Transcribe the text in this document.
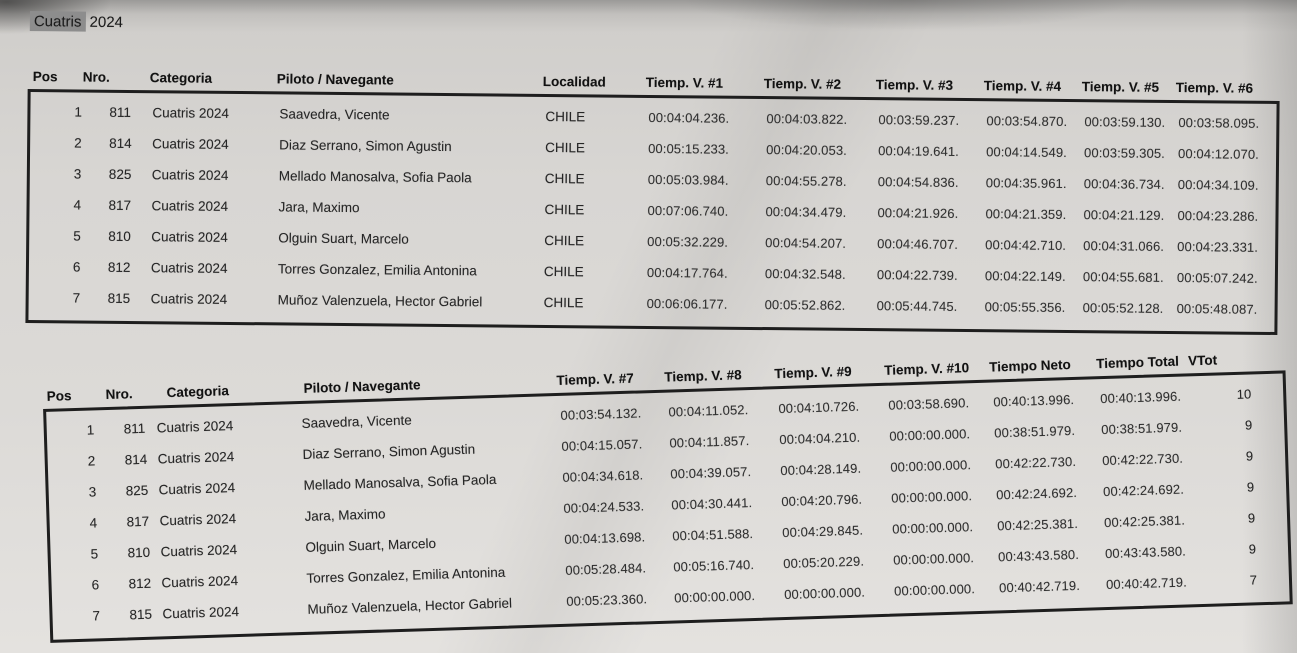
Cuatris 2024
Pos	Nro.	Categoria	Piloto / Navegante	Localidad	Tiemp. V. #1	Tiemp. V. #2	Tiemp. V. #3	Tiemp. V. #4	Tiemp. V. #5	Tiemp. V. #6
1	811	Cuatris 2024	Saavedra, Vicente	CHILE	00:04:04.236.	00:04:03.822.	00:03:59.237.	00:03:54.870.	00:03:59.130.	00:03:58.095.
2	814	Cuatris 2024	Diaz Serrano, Simon Agustin	CHILE	00:05:15.233.	00:04:20.053.	00:04:19.641.	00:04:14.549.	00:03:59.305.	00:04:12.070.
3	825	Cuatris 2024	Mellado Manosalva, Sofia Paola	CHILE	00:05:03.984.	00:04:55.278.	00:04:54.836.	00:04:35.961.	00:04:36.734.	00:04:34.109.
4	817	Cuatris 2024	Jara, Maximo	CHILE	00:07:06.740.	00:04:34.479.	00:04:21.926.	00:04:21.359.	00:04:21.129.	00:04:23.286.
5	810	Cuatris 2024	Olguin Suart, Marcelo	CHILE	00:05:32.229.	00:04:54.207.	00:04:46.707.	00:04:42.710.	00:04:31.066.	00:04:23.331.
6	812	Cuatris 2024	Torres Gonzalez, Emilia Antonina	CHILE	00:04:17.764.	00:04:32.548.	00:04:22.739.	00:04:22.149.	00:04:55.681.	00:05:07.242.
7	815	Cuatris 2024	Muñoz Valenzuela, Hector Gabriel	CHILE	00:06:06.177.	00:05:52.862.	00:05:44.745.	00:05:55.356.	00:05:52.128.	00:05:48.087.
Pos	Nro.	Categoria	Piloto / Navegante	Tiemp. V. #7	Tiemp. V. #8	Tiemp. V. #9	Tiemp. V. #10	Tiempo Neto	Tiempo Total VTot
1	811 Cuatris 2024	Saavedra, Vicente	00:03:54.132.	00:04:11.052.	00:04:10.726.	00:03:58.690.	00:40:13.996.	00:40:13.996.	10
2	814 Cuatris 2024	Diaz Serrano, Simon Agustin	00:04:15.057.	00:04:11.857.	00:04:04.210.	00:00:00.000.	00:38:51.979.	00:38:51.979.	9
3	825 Cuatris 2024	Mellado Manosalva, Sofia Paola	00:04:34.618.	00:04:39.057.	00:04:28.149.	00:00:00.000.	00:42:22.730.	00:42:22.730.	9
4	817 Cuatris 2024	Jara, Maximo	00:04:24.533.	00:04:30.441.	00:04:20.796.	00:00:00.000.	00:42:24.692.	00:42:24.692.	9
5	810 Cuatris 2024	Olguin Suart, Marcelo	00:04:13.698.	00:04:51.588.	00:04:29.845.	00:00:00.000.	00:42:25.381.	00:42:25.381.	9
6	812 Cuatris 2024	Torres Gonzalez, Emilia Antonina	00:05:28.484.	00:05:16.740.	00:05:20.229.	00:00:00.000.	00:43:43.580.	00:43:43.580.	9
7	815 Cuatris 2024	Muñoz Valenzuela, Hector Gabriel	00:05:23.360.	00:00:00.000.	00:00:00.000.	00:00:00.000.	00:40:42.719.	00:40:42.719.	7
